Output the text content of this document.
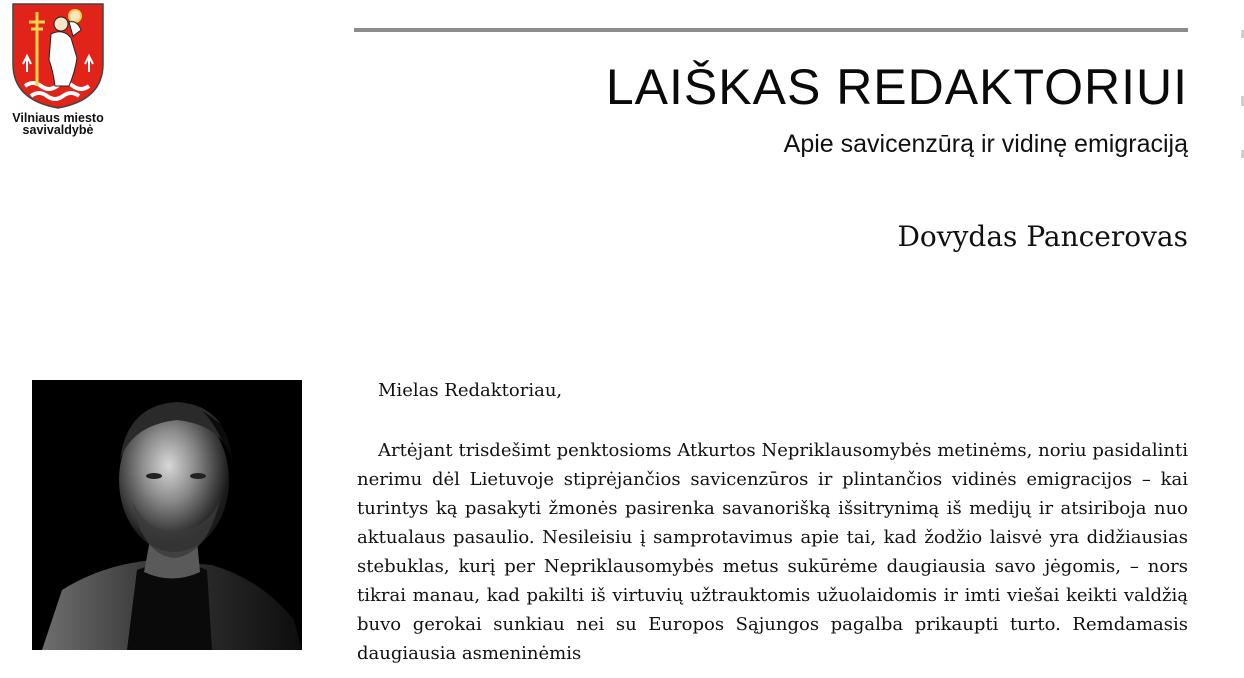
Vilniaus miesto
savivaldybė
LAIŠKAS REDAKTORIUI
Apie savicenzūrą ir vidinę emigraciją
Dovydas Pancerovas

Mielas Redaktoriau,

Artėjant trisdešimt penktosioms Atkurtos Nepriklausomybės metinėms, noriu pasidalinti nerimu dėl Lietuvoje stiprėjančios savicenzūros ir plintančios vidinės emigracijos – kai turintys ką pasakyti žmonės pasirenka savanorišką išsitrynimą iš medijų ir atsiriboja nuo aktualaus pasaulio. Nesileisiu į samprotavimus apie tai, kad žodžio laisvė yra didžiausias stebuklas, kurį per Nepriklausomybės metus sukūrėme daugiausia savo jėgomis, – nors tikrai manau, kad pakilti iš virtuvių užtrauktomis užuolaidomis ir imti viešai keikti valdžią buvo gerokai sunkiau nei su Europos Sąjungos pagalba prikaupti turto. Remdamasis daugiausia asmeninėmis
